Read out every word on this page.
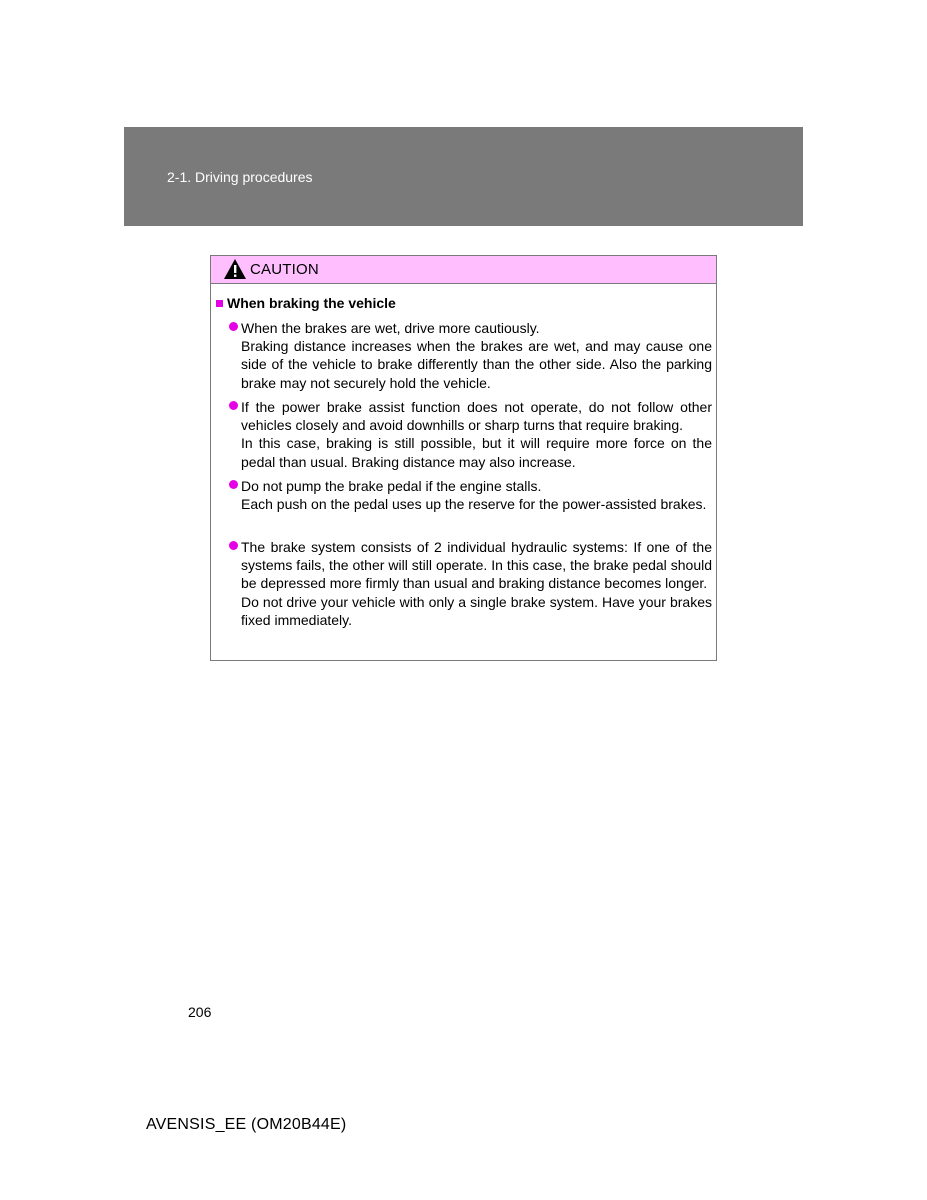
2-1. Driving procedures
CAUTION
When braking the vehicle
When the brakes are wet, drive more cautiously.
Braking distance increases when the brakes are wet, and may cause one side of the vehicle to brake differently than the other side. Also the parking brake may not securely hold the vehicle.
If the power brake assist function does not operate, do not follow other vehicles closely and avoid downhills or sharp turns that require braking.
In this case, braking is still possible, but it will require more force on the pedal than usual. Braking distance may also increase.
Do not pump the brake pedal if the engine stalls.
Each push on the pedal uses up the reserve for the power-assisted brakes.
The brake system consists of 2 individual hydraulic systems: If one of the systems fails, the other will still operate. In this case, the brake pedal should be depressed more firmly than usual and braking distance becomes longer.
Do not drive your vehicle with only a single brake system. Have your brakes fixed immediately.
206
AVENSIS_EE (OM20B44E)
